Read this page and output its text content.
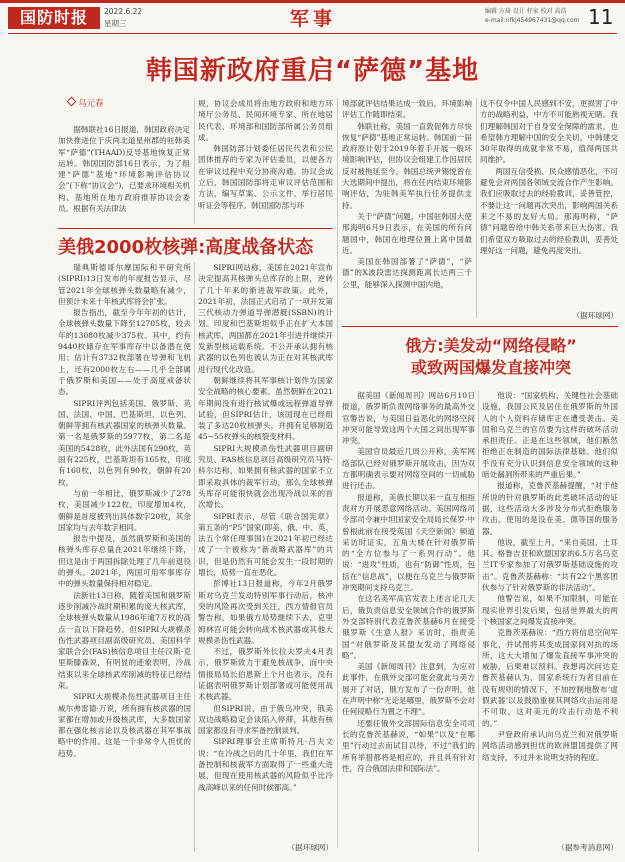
国防时报	2022.6.22
星期三	军事	编辑 方琦 设计 杼家 校对 高浩
e-mail:nfkj454967431@qq.com 11
韩国新政府重启“萨德”基地
乌元春

据韩联社16日报道，韩国政府决定加快推进位于庆尚北道星州郡的驻韩美军“萨德”(THAAD)反导基地恢复正常运转。韩国国防部16日表示，为了组建“萨德”基地“环境影响评估协议会”(下称“协议会”)，已要求环境相关机构、基地所在地方政府推荐协议会委员。根据有关法律法

规，协议会成员将由地方政府和地方环境厅公务员、民间环境专家、所在地居民代表、环境部和国防部所属公务员组成。

韩国防部计划委任居民代表和公民团体推荐的专家为评估委员，以便各方在审议过程中充分协商沟通。协议会成立后，韩国国防部将走审议评估范围和方法，编写草案、公示文件、举行居民听证会等程序。韩国国防部与环

境部就评估结果达成一致后，环境影响评估工作随即结束。

韩联社称，美国一直敦促韩方尽快恢复“萨德”基地正常运转。韩国前一届政府原计划于2019年着手开展一般环境影响评估，但协议会组建工作因居民反对被拖延至今。韩国总统尹锡悦曾在大选期间中提出，将在任内结束环境影响评估，为驻韩美军执行任务提供支持。

关于“萨德”问题，中国驻韩国大使邢海明6月9日表示，在美国的所有问题国中，韩国在地理位置上离中国最近。

美国在韩国部署了“萨德”，“萨德”的X波段雷达探测距离长达两三千公里，能够深入探测中国内地，

这不仅令中国人民感到不安，更损害了中方的战略利益，中方不可能熟视无睹。我们理解韩国对于自身安全保障的需求，也希望韩方理解中国的安全关切。中韩建交30年取得的成就非常不易，值得两国共同维护。

两国互信受损、民众感情恶化，不可避免会对两国各领域交流合作产生影响。我们应吸取过去的经验教训，妥善管控，不要让这一问题再次突出，影响两国关系来之不易的友好大局。那海明称，“萨德”问题曾给中韩关系带来巨大伤害。我们希望双方吸取过去的经验教训，妥善处理好这一问题，避免再度突出。

（据环球网）
美俄2000枚核弹:高度战备状态

瑞典斯德哥尔摩国际和平研究所(SIPRI)13日发布的年度报告显示，尽管2021年全球核弹头数量略有减少，但预计未来十年核武库将会扩张。

报告指出，截至今年年初的估计，全球核弹头数量下降至12705枚，较去年的13080枚减少375枚。其中，约有9440枚储存在军事库存中以备潜在使用；估计有3732枚部署在导弹和飞机上，还有2000枚左右——几乎全部属于俄罗斯和美国——处于高度戒备状态。

SIPRI评判包括美国、俄罗斯、英国、法国、中国、巴基斯坦、以色列、朝鲜等拥有核武器国家的核弹头数量。第一名是俄罗斯的5977枚，第二名是美国的5428枚，此外法国有290枚，英国有225枚，巴基斯坦有165枚，印度有160枚，以色列有90枚，朝鲜有20枚。

与前一年相比，俄罗斯减少了278枚，美国减少122枚，印度增加4枚，朝鲜是首度被列出具体数字20枚，其余国家均与去年数字相同。

报告中提及，虽然俄罗斯和美国的核弹头库存总量在2021年继续下降，但这是由于两国拆除处理了几年前退役的弹头。2021年，两国可用军事库存中的弹头数量保持相对稳定。

法新社13日称，随着美国和俄罗斯逐步削减冷战时期积累的庞大核武库，全球核弹头数量从1986年逾7万枚的高点一直以下降趋势。但SIPRI大规模杀伤性武器项目副高级研究员、美国科学家联合会(FAS)核信息项目主任汉斯·克里斯滕森说，有明显的迹象表明，冷战结束以来全球核武库削减的特征已经结束。

SIPRI大规模杀伤性武器项目主任威尔弗雷德·万说，所有拥有核武器的国家都在增加或升级核武库，大多数国家都在强化核言论以及核武器在其军事战略中的作用。这是一个非常令人担忧的趋势。

SIPRI网站称，美国在2021年宣布决定提高其核弹头总库存的上限，逆转了几十年来的渐进裁军政策。此外，2021年初，法国正式启动了一项开发第三代核动力弹道导弹潜艇(SSBN)的计划。印度和巴基斯坦似乎正在扩大本国核武库，两国都在2021年引进并继续开发新型核运载系统。不公开承认拥有核武器的以色列也被认为正在对其核武库进行现代化改造。

朝鲜继续将其军事核计划作为国家安全战略的核心要素。虽然朝鲜在2021年期间没有进行核试爆或远程弹道导弹试验，但SIPRI估计，该国现在已经组装了多达20枚核弹头，并拥有足够制造45~55枚弹头的核裂变材料。

SIPRI大规模杀伤性武器项目副研究员、FAS核信息项目高级研究员马特·科尔达称，如果拥有核武器的国家不立即采取具体的裁军行动，那么全球核弹头库存可能很快就会出现冷战以来的首次增长。

SIPRI表示，尽管《联合国宪章》第五条的“P5”国家(即美、俄、中、英、法五个常任理事国)在2021年初已经达成了一个被称为“新战略武器库”的共识，但是仍然有可能会发生一段时期的增长，局势一直在恶化。

彭博社13日报道称，今年2月俄罗斯对乌克兰发动特别军事行动后，核冲突的风险再次受到关注，西方情报官员警告称，如果俄方局势继续下去，克里姆林宫可能会转向战术核武器或其他大规模杀伤性武器。

不过，俄罗斯外长拉夫罗夫4月表示，俄罗斯致力于避免核战争，而中央情报局局长伯恩斯上个月也表示，没有证据表明俄罗斯计划部署或可能使用战术核武器。

但SIPRI说，由于俄乌冲突，俄美双边战略稳定会谈陷入停滞，其他有核国家都没有寻求军备控制谈判。

SIPRI理事会主席斯特凡·吕夫文说：“在冷战之后的几十年里，我们在军备控制和核裁军方面取得了一些重大进展，但现在使用核武器的风险似乎比冷战高峰以来的任何时候都高。”

（据环球网）
俄方:美发动“网络侵略”
或致两国爆发直接冲突

据美国《新闻周刊》网站6月10日报道，俄罗斯负责网络事务的最高外交官警告说，与美国日益恶化的网络空间冲突可能导致这两个大国之间出现军事冲突。

美国官员最近几周公开称，美军网络部队已经对俄罗斯开展攻击，因为双方都明确表示要对网络空间的一切威胁进行还击。

报道称，美俄长期以来一直互相指责对方开展恶意网络活动。美国网络司令部司令兼中坦国家安全局局长保罗·中曾根此前在接受英国《天空新闻》频道采访时证实，五角大楼在针对俄罗斯的“全方位参与了一系列行动”。他说：“进攻”性质，也有“防御”性质，包括在“信息战”，以便在乌克兰与俄罗斯冲突期间支持乌克兰。

在这名美军高官发表上述言论几天后，俄负责信息安全领域合作的俄罗斯外交部特别代表克鲁茨基赫6月在接受俄罗斯《生意人报》采访时，指责美国“对俄罗斯及其盟友发动了网络侵略”。

美国《新闻周刊》注意到，为应对此事件，在俄外交部可能会就此与美方展开了对话，俄方发布了一份声明，他在声明中称“无论是哪里，俄罗斯不会对任何侵略行为置之不理”。

还要任俄外交部国际信息安全司司长的克鲁茨基赫说，“如果”以及“在哪里”行动过去而试目以待，不过“我们的所有举措都将是相应的，并且具有针对性，符合俄国法律和国际法”。

他说：“国家机构、关键性社会基础设施，我国公民及居住在俄罗斯的外国人的个人资料存储库正在遭受袭击。美国和乌克兰的官员要为这样的破坏活动承担责任。正是在这些领域，他们断然拒绝正在制造的国际法律基础。他们似乎没有充分认识到信息安全领域的这种暗处漏洞所带来的严重后果。”

报道称，克鲁茨基赫提醒，“对于他所说的针对俄罗斯的此类破坏活动的证据，这些活动大多涉及分布式拒绝服务攻击，使用的是设在美、德等国的服务器。

他说，截至上月，“来自美国、土耳其、格鲁吉亚和欧盟国家的6.5万名乌克兰IT专家参加了对俄罗斯基础设施的攻击”。克鲁茨基赫称：“共有22个黑客团伙参与了针对俄罗斯的非法活动”。

他警告说，如果不加限制，可能在现实世界引发后果，包括世界最大的两个核国家之间爆发直接冲突。

克鲁茨基赫说：“西方将信息空间军事化，并试图将其变成国家间对抗的场所，这大大增加了爆发直接军事冲突的威胁，后果难以预料。我想再次问达克鲁茨基赫认为，国家系统行为者目前在没有规则的情况下，不加控制地散布‘虚假武器’以及鼓励重视其网络攻击运用是不可取，这对美元的攻击行动是不利的。”

尹登政府承认向乌克兰和对俄罗斯网络活动感到担忧的欧洲盟国提供了网络支持，不过并未说明支持的程度。

（据参考消息网）
